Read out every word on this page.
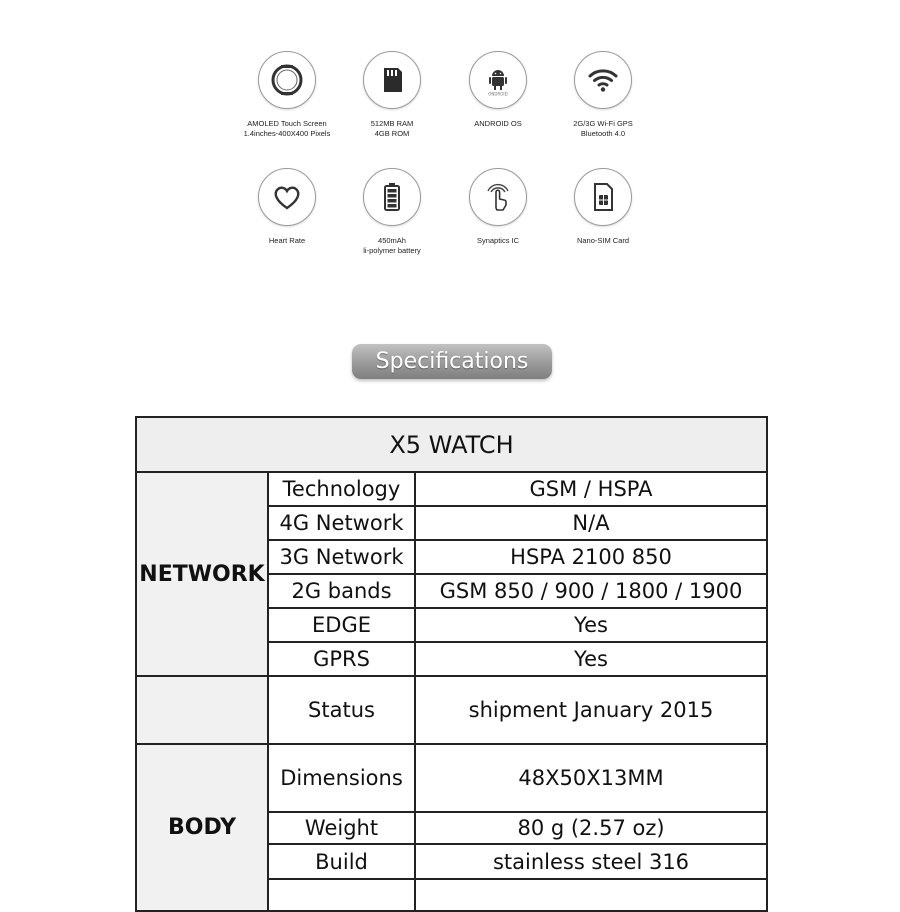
AMOLED Touch Screen
1.4inches-400X400 Pixels
512MB RAM
4GB ROM
ONDROID
ANDROID OS	2G/3G Wi-Fi GPS
Bluetooth 4.0
Heart Rate	450mAh
li-polymer battery
Synaptics IC	Nano-SIM Card
Specifications
X5 WATCH		
NETWORK	Technology	GSM / HSPA
	4G Network	N/A
	3G Network	HSPA 2100 850
	2G bands	GSM 850 / 900 / 1800 / 1900
	EDGE	Yes
	GPRS	Yes
	Status	shipment January 2015
BODY	Dimensions	48X50X13MM
	Weight	80 g (2.57 oz)
	Build	stainless steel 316
